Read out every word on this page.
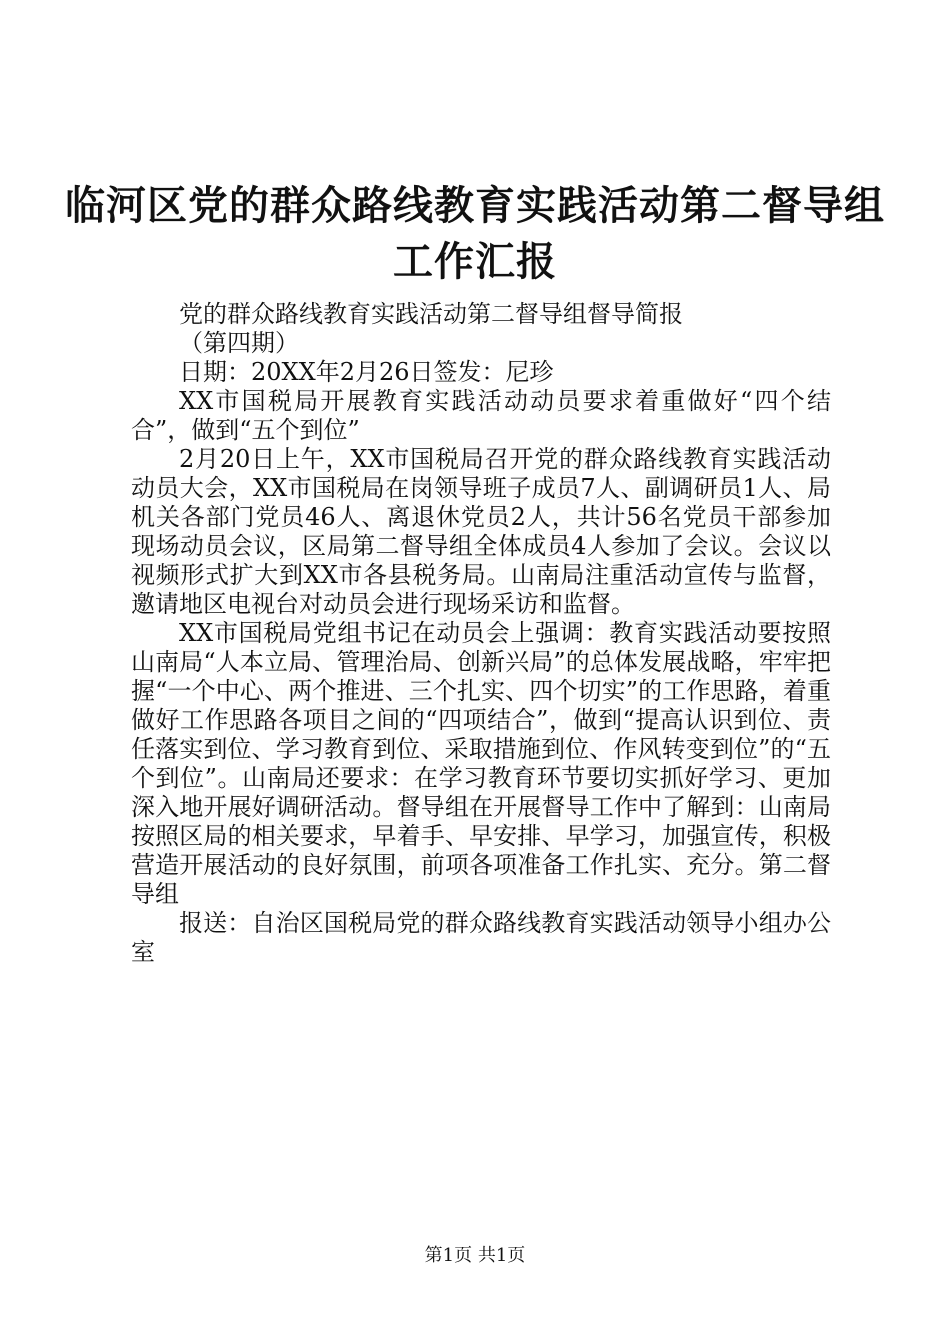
临河区党的群众路线教育实践活动第二督导组
工作汇报

党的群众路线教育实践活动第二督导组督导简报

（第四期）

日期：20XX年2月26日签发：尼珍

XX市国税局开展教育实践活动动员要求着重做好“四个结合”，做到“五个到位”

2月20日上午，XX市国税局召开党的群众路线教育实践活动动员大会，XX市国税局在岗领导班子成员7人、副调研员1人、局机关各部门党员46人、离退休党员2人，共计56名党员干部参加现场动员会议，区局第二督导组全体成员4人参加了会议。会议以视频形式扩大到XX市各县税务局。山南局注重活动宣传与监督，邀请地区电视台对动员会进行现场采访和监督。

XX市国税局党组书记在动员会上强调：教育实践活动要按照山南局“人本立局、管理治局、创新兴局”的总体发展战略，牢牢把握“一个中心、两个推进、三个扎实、四个切实”的工作思路，着重做好工作思路各项目之间的“四项结合”，做到“提高认识到位、责任落实到位、学习教育到位、采取措施到位、作风转变到位”的“五个到位”。山南局还要求：在学习教育环节要切实抓好学习、更加深入地开展好调研活动。督导组在开展督导工作中了解到：山南局按照区局的相关要求，早着手、早安排、早学习，加强宣传，积极营造开展活动的良好氛围，前项各项准备工作扎实、充分。第二督导组

报送：自治区国税局党的群众路线教育实践活动领导小组办公室

第1页 共1页
